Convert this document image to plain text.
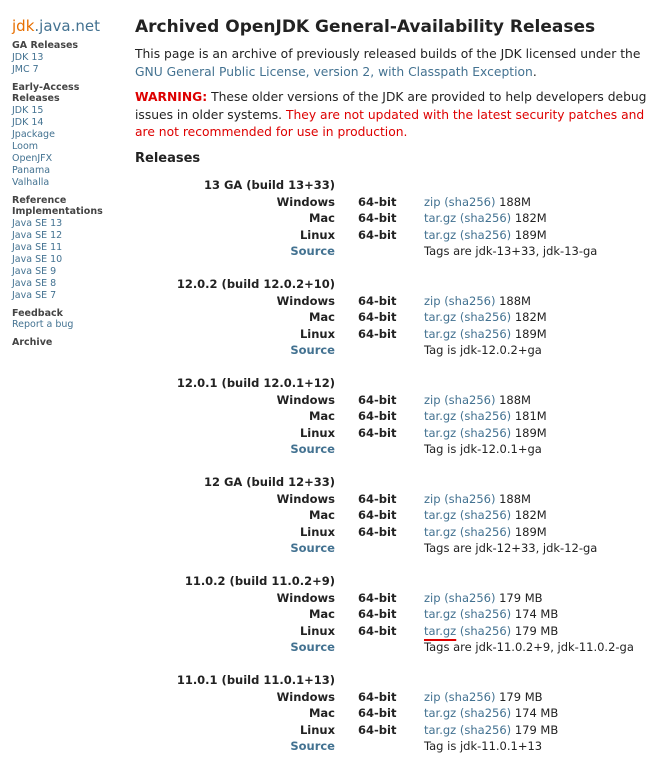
jdk.java.net
GA Releases
JDK 13
JMC 7
Early-Access Releases
JDK 15
JDK 14
Jpackage
Loom
OpenJFX
Panama
Valhalla
Reference Implementations
Java SE 13
Java SE 12
Java SE 11
Java SE 10
Java SE 9
Java SE 8
Java SE 7
Feedback
Report a bug
Archive
Archived OpenJDK General-Availability Releases
This page is an archive of previously released builds of the JDK licensed under the GNU General Public License, version 2, with Classpath Exception.
WARNING: These older versions of the JDK are provided to help developers debug issues in older systems. They are not updated with the latest security patches and are not recommended for use in production.
Releases
13 GA (build 13+33)
Windows 64-bit zip (sha256) 188M
Mac 64-bit tar.gz (sha256) 182M
Linux 64-bit tar.gz (sha256) 189M
Source	Tags are jdk-13+33, jdk-13-ga
12.0.2 (build 12.0.2+10)
Windows 64-bit zip (sha256) 188M
Mac 64-bit tar.gz (sha256) 182M
Linux 64-bit tar.gz (sha256) 189M
Source	Tag is jdk-12.0.2+ga
12.0.1 (build 12.0.1+12)
Windows 64-bit zip (sha256) 188M
Mac 64-bit tar.gz (sha256) 181M
Linux 64-bit tar.gz (sha256) 189M
Source	Tag is jdk-12.0.1+ga
12 GA (build 12+33)
Windows 64-bit zip (sha256) 188M
Mac 64-bit tar.gz (sha256) 182M
Linux 64-bit tar.gz (sha256) 189M
Source	Tags are jdk-12+33, jdk-12-ga
11.0.2 (build 11.0.2+9)
Windows 64-bit zip (sha256) 179 MB
Mac 64-bit tar.gz (sha256) 174 MB
Linux 64-bit tar.gz (sha256) 179 MB
Source	Tags are jdk-11.0.2+9, jdk-11.0.2-ga
11.0.1 (build 11.0.1+13)
Windows 64-bit zip (sha256) 179 MB
Mac 64-bit tar.gz (sha256) 174 MB
Linux 64-bit tar.gz (sha256) 179 MB
Source	Tag is jdk-11.0.1+13
